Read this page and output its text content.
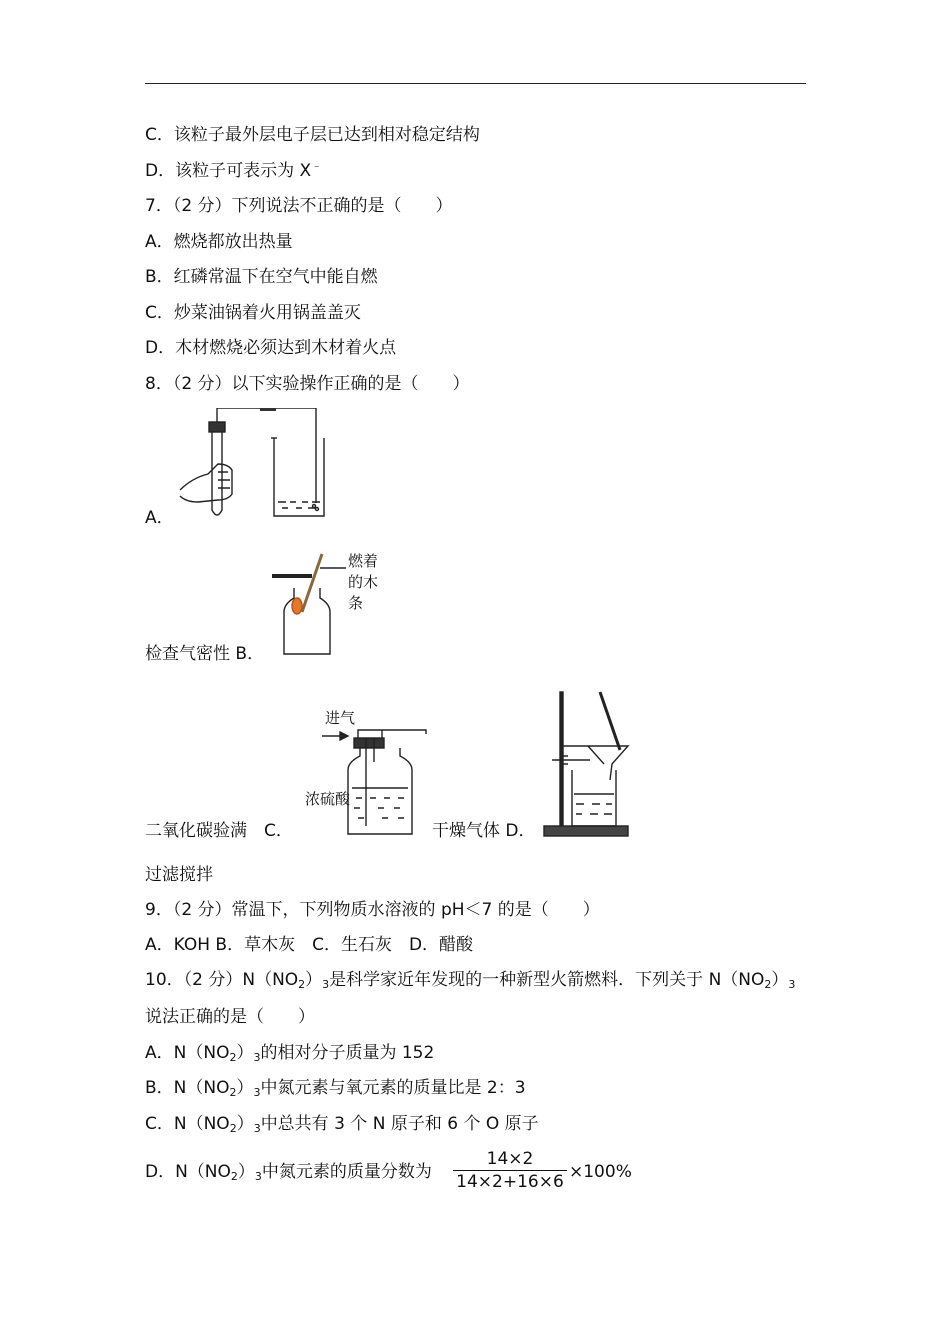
C．该粒子最外层电子层已达到相对稳定结构
D．该粒子可表示为 X﹣
7．（2 分）下列说法不正确的是（　　）
A．燃烧都放出热量
B．红磷常温下在空气中能自燃
C．炒菜油锅着火用锅盖盖灭
D．木材燃烧必须达到木材着火点
8．（2 分）以下实验操作正确的是（　　）
A．
燃着
的木
条
检查气密性 B．
进气
浓硫酸
二氧化碳验满　C．	干燥气体 D．
过滤搅拌
9．（2 分）常温下，下列物质水溶液的 pH＜7 的是（　　）
A．KOH B．草木灰　C．生石灰　D．醋酸
10．（2 分）$N(NO_2)_3$是科学家近年发现的一种新型火箭燃料．下列关于 $N(NO_2)_3$
说法正确的是（　　）
A．$N(NO_2)_3$的相对分子质量为 152
B．$N(NO_2)_3$中氮元素与氧元素的质量比是 2：3
C．$N(NO_2)_3$中总共有 3 个 N 原子和 6 个 O 原子
D．$N(NO_2)_3$中氮元素的质量分数为
14×2
14×2+16×6 ×100%
